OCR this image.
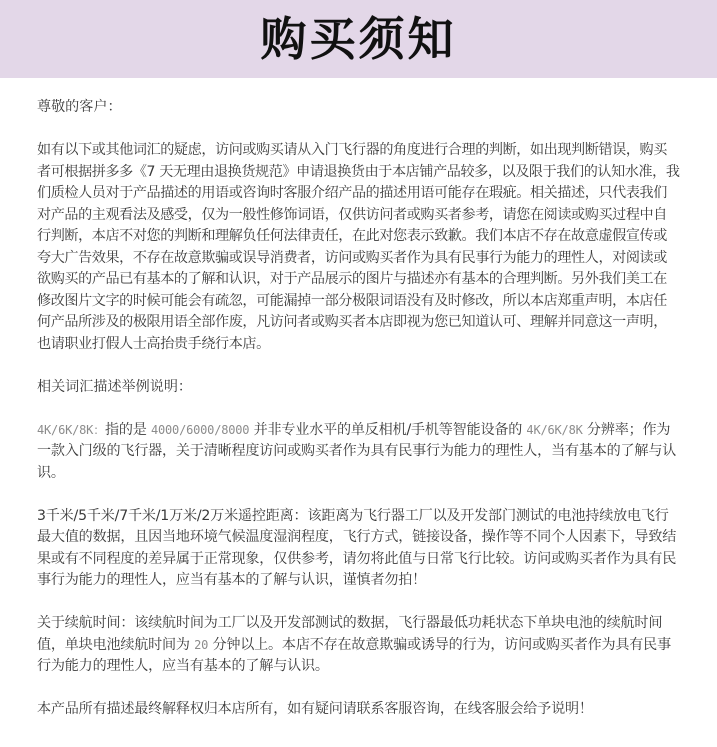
购买须知

尊敬的客户：

如有以下或其他词汇的疑虑，访问或购买请从入门飞行器的角度进行合理的判断，如出现判断错误，购买者可根据拼多多《7 天无理由退换货规范》申请退换货由于本店铺产品较多，以及限于我们的认知水准，我们质检人员对于产品描述的用语或咨询时客服介绍产品的描述用语可能存在瑕疵。相关描述，只代表我们对产品的主观看法及感受，仅为一般性修饰词语，仅供访问者或购买者参考，请您在阅读或购买过程中自行判断，本店不对您的判断和理解负任何法律责任，在此对您表示致歉。我们本店不存在故意虚假宣传或夸大广告效果，不存在故意欺骗或误导消费者，访问或购买者作为具有民事行为能力的理性人，对阅读或欲购买的产品已有基本的了解和认识，对于产品展示的图片与描述亦有基本的合理判断。另外我们美工在修改图片文字的时候可能会有疏忽，可能漏掉一部分极限词语没有及时修改，所以本店郑重声明，本店任何产品所涉及的极限用语全部作废，凡访问者或购买者本店即视为您已知道认可、理解并同意这一声明，也请职业打假人士高抬贵手绕行本店。

相关词汇描述举例说明：

4K/6K/8K：指的是 4000/6000/8000 并非专业水平的单反相机/手机等智能设备的 4K/6K/8K 分辨率；作为一款入门级的飞行器，关于清晰程度访问或购买者作为具有民事行为能力的理性人，当有基本的了解与认识。

3千米/5千米/7千米/1万米/2万米遥控距离：该距离为飞行器工厂以及开发部门测试的电池持续放电飞行最大值的数据，且因当地环境气候温度湿润程度，飞行方式，链接设备，操作等不同个人因素下，导致结果或有不同程度的差异属于正常现象，仅供参考，请勿将此值与日常飞行比较。访问或购买者作为具有民事行为能力的理性人，应当有基本的了解与认识，谨慎者勿拍！

关于续航时间：该续航时间为工厂以及开发部测试的数据，飞行器最低功耗状态下单块电池的续航时间值，单块电池续航时间为 20 分钟以上。本店不存在故意欺骗或诱导的行为，访问或购买者作为具有民事行为能力的理性人，应当有基本的了解与认识。

本产品所有描述最终解释权归本店所有，如有疑问请联系客服咨询，在线客服会给予说明！
